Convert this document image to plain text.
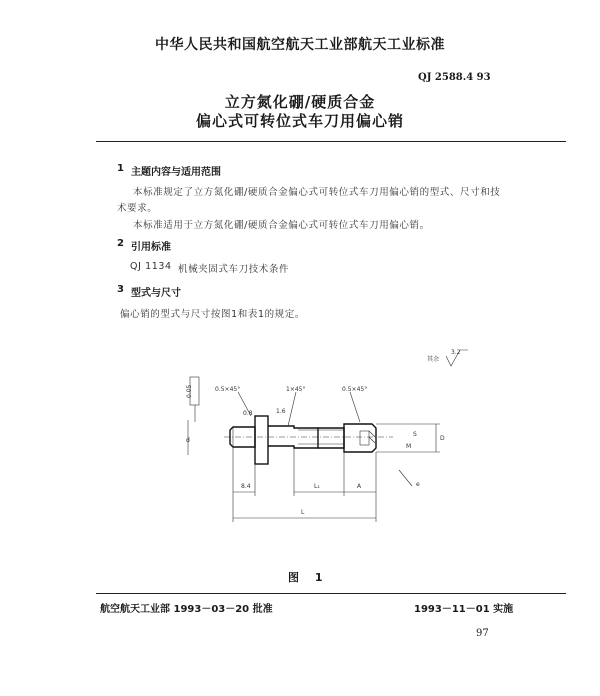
中华人民共和国航空航天工业部航天工业标准
QJ 2588.4 93
立方氮化硼/硬质合金
偏心式可转位式车刀用偏心销
1 主题内容与适用范围
本标准规定了立方氮化硼/硬质合金偏心式可转位式车刀用偏心销的型式、尺寸和技
术要求。
本标准适用于立方氮化硼/硬质合金偏心式可转位式车刀用偏心销。
2 引用标准
QJ 1134 机械夹固式车刀技术条件
3 型式与尺寸
偏心销的型式与尺寸按图1和表1的规定。
其余
3.2
0.5×45°	1×45°	0.5×45°
0.8	1.6
0.05
d	D
M
S
e
8.4	L₁	A
L
图 1
航空航天工业部 1993－03－20 批准	1993－11－01 实施
97
